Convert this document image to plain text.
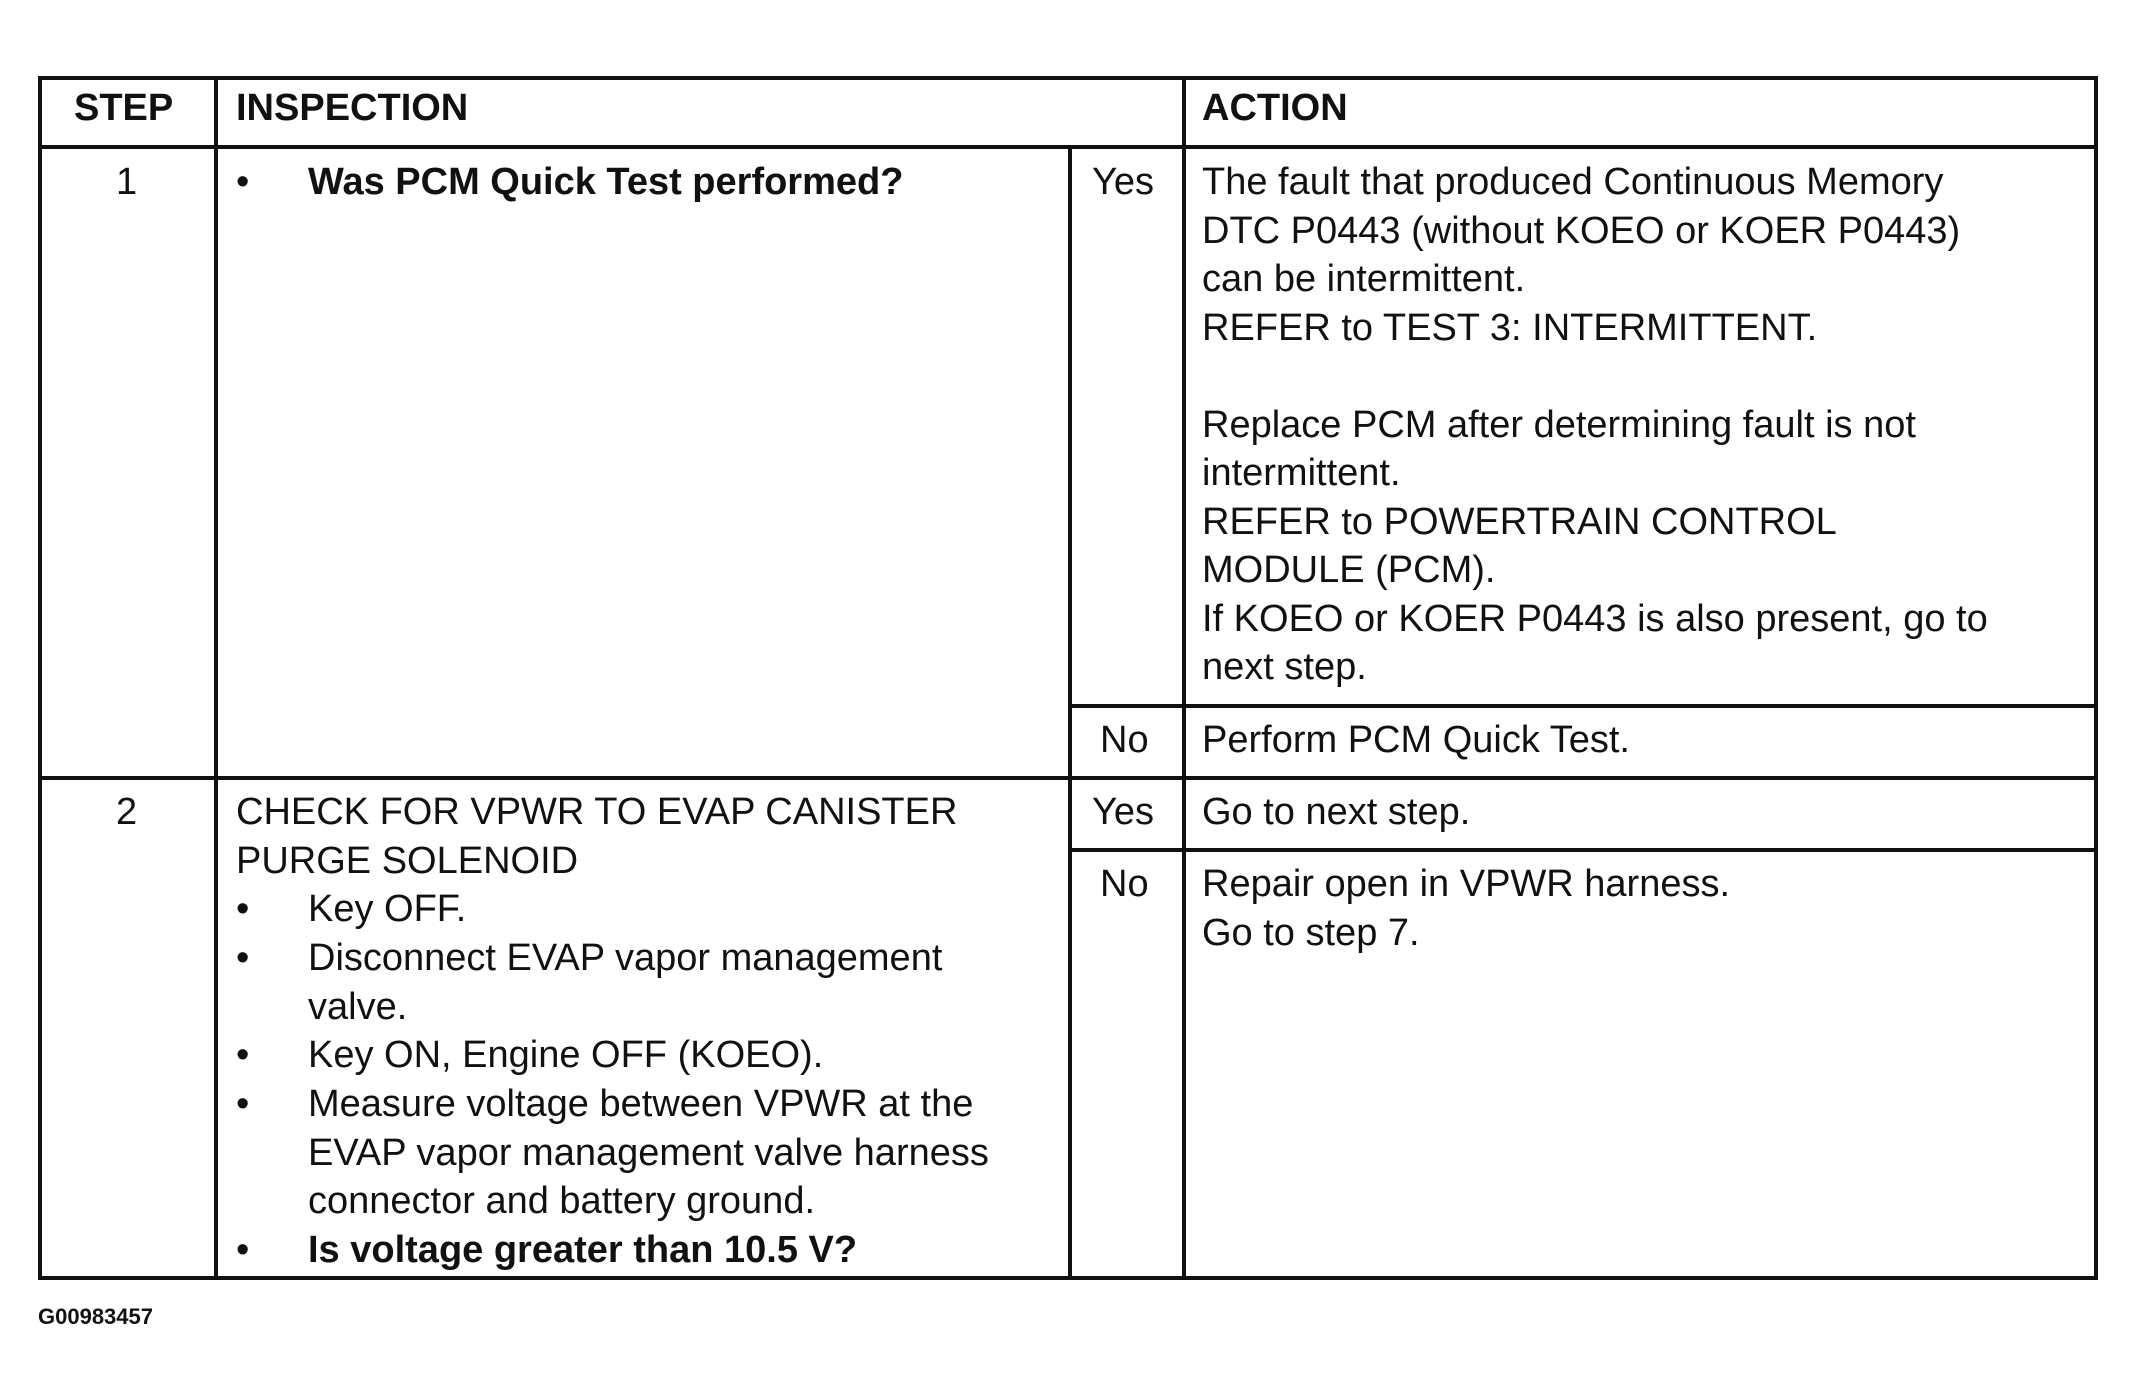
STEP INSPECTION	ACTION
1	• Was PCM Quick Test performed?	Yes The fault that produced Continuous Memory
DTC P0443 (without KOEO or KOER P0443)
can be intermittent.
REFER to TEST 3: INTERMITTENT.
Replace PCM after determining fault is not
intermittent.
REFER to POWERTRAIN CONTROL
MODULE (PCM).
If KOEO or KOER P0443 is also present, go to
next step.
No Perform PCM Quick Test.
2	CHECK FOR VPWR TO EVAP CANISTER
PURGE SOLENOID
• Key OFF.
• Disconnect EVAP vapor management
valve.
• Key ON, Engine OFF (KOEO).
• Measure voltage between VPWR at the
EVAP vapor management valve harness
connector and battery ground.
• Is voltage greater than 10.5 V?
Yes Go to next step.
No Repair open in VPWR harness.
Go to step 7.
G00983457
